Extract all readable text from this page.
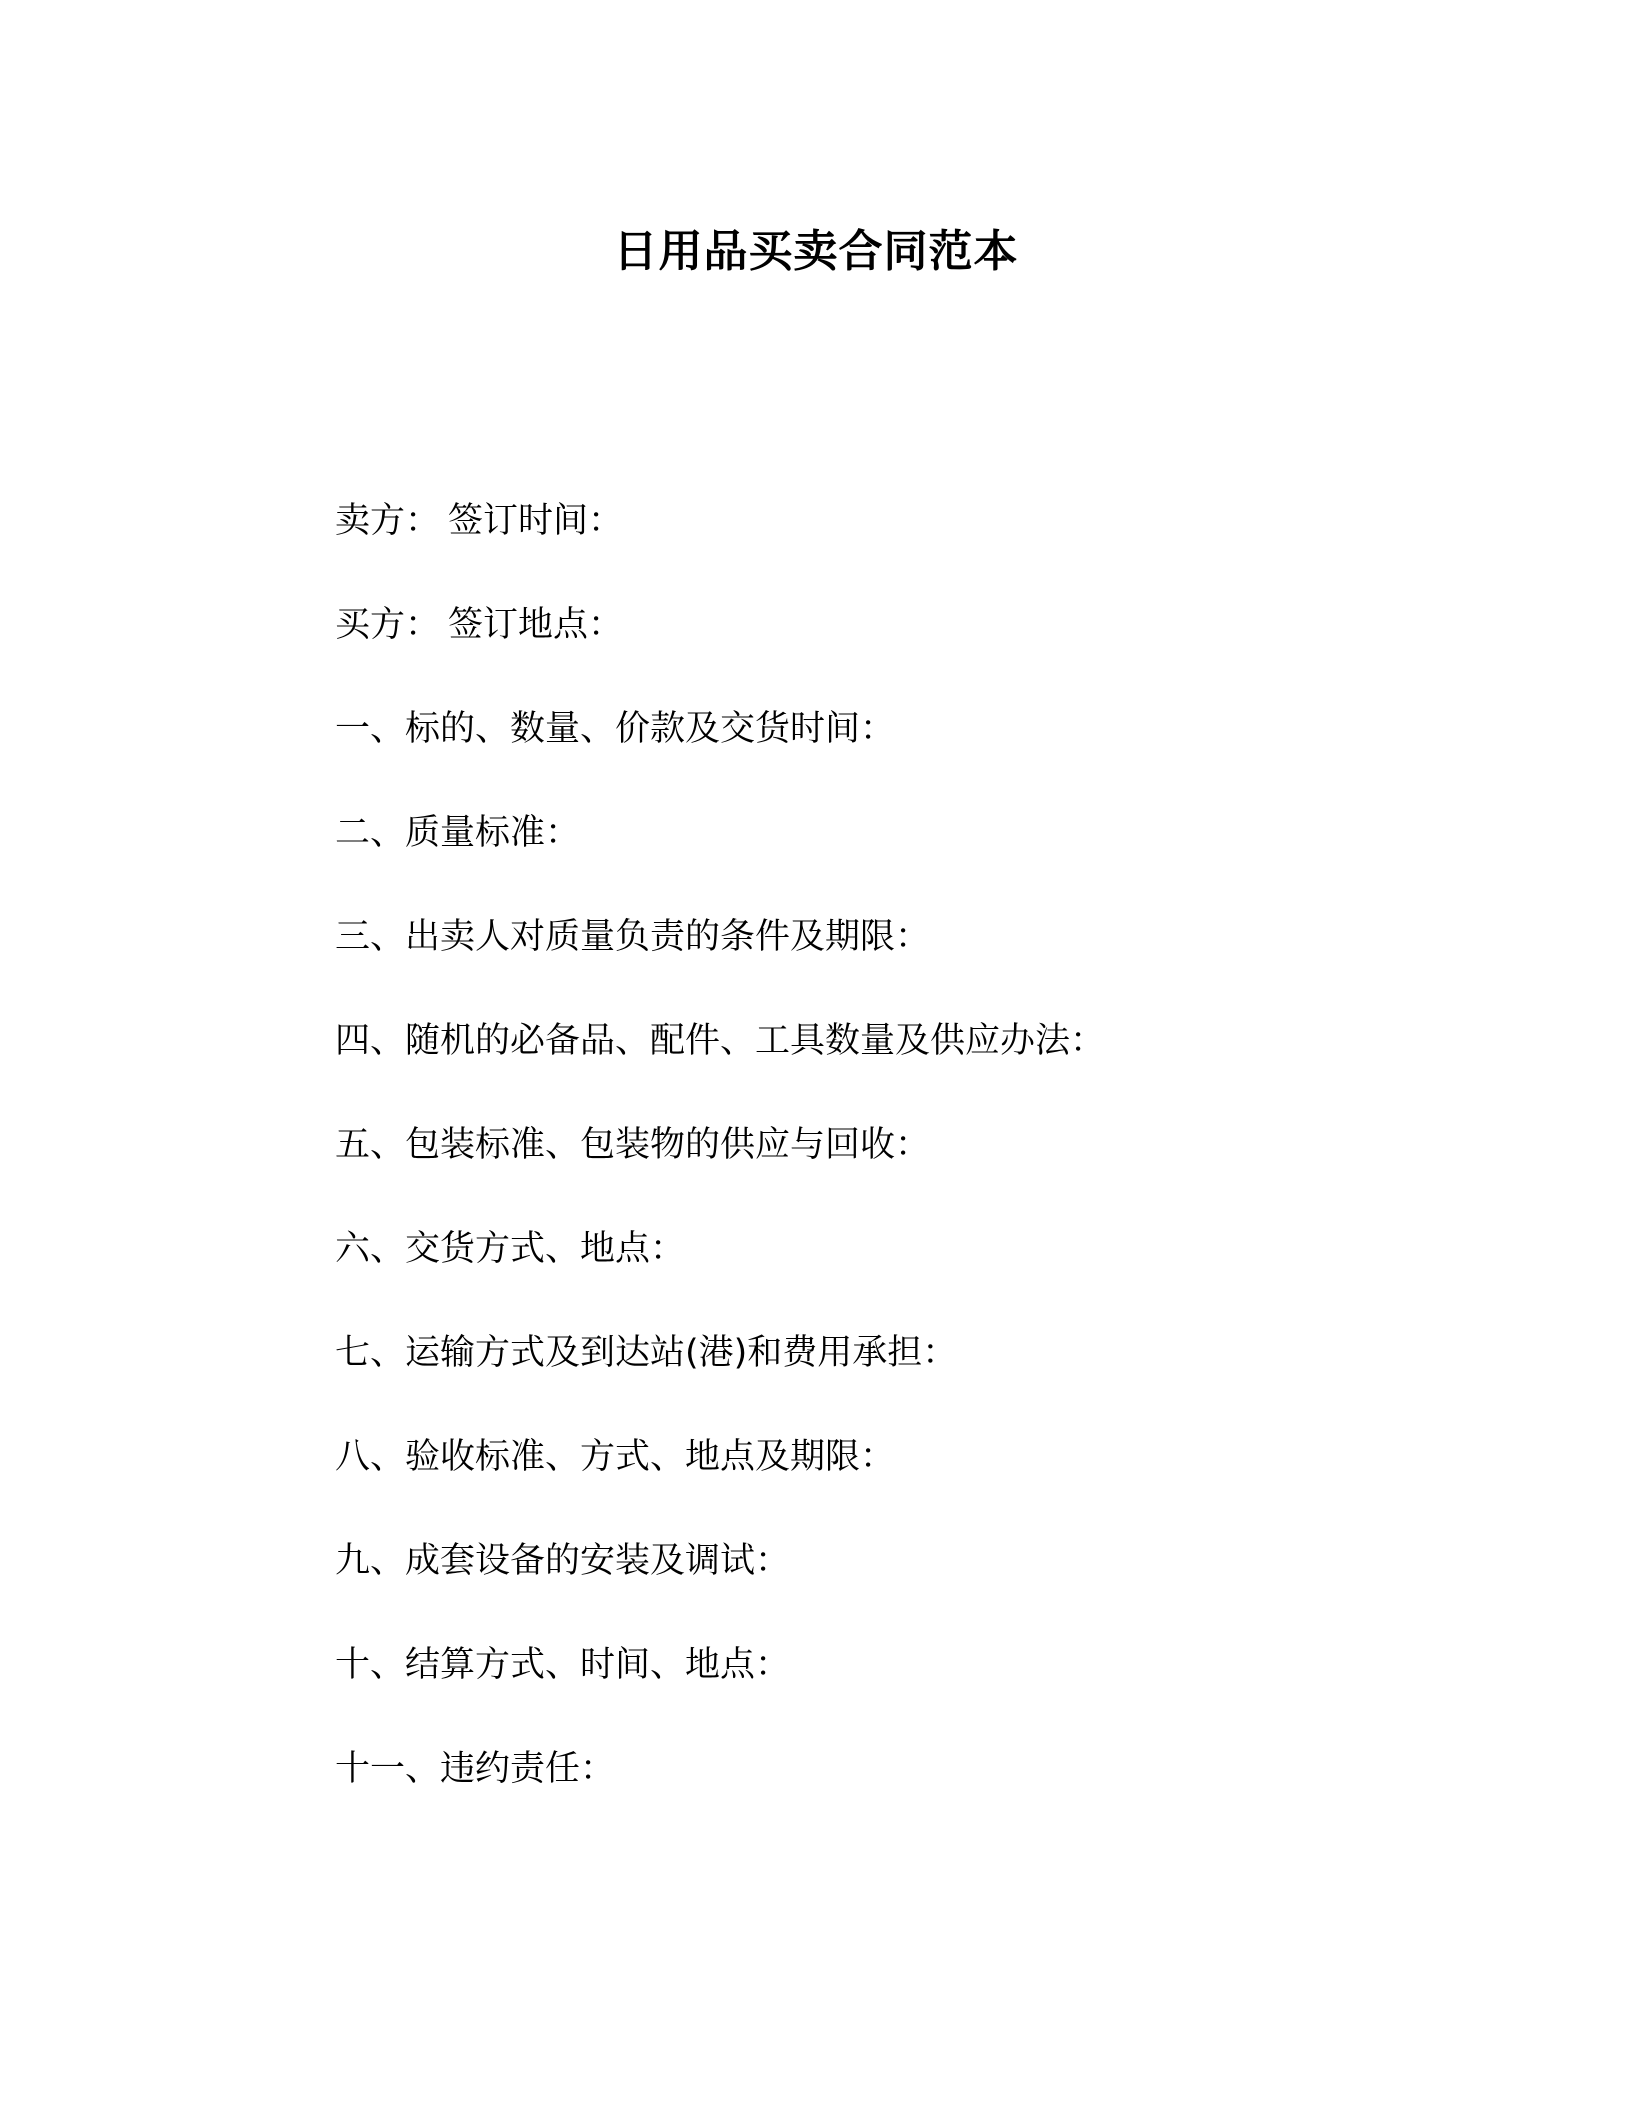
日用品买卖合同范本
卖方： 签订时间：
买方： 签订地点：
一、标的、数量、价款及交货时间：
二、质量标准：
三、出卖人对质量负责的条件及期限：
四、随机的必备品、配件、工具数量及供应办法：
五、包装标准、包装物的供应与回收：
六、交货方式、地点：
七、运输方式及到达站(港)和费用承担：
八、验收标准、方式、地点及期限：
九、成套设备的安装及调试：
十、结算方式、时间、地点：
十一、违约责任：
